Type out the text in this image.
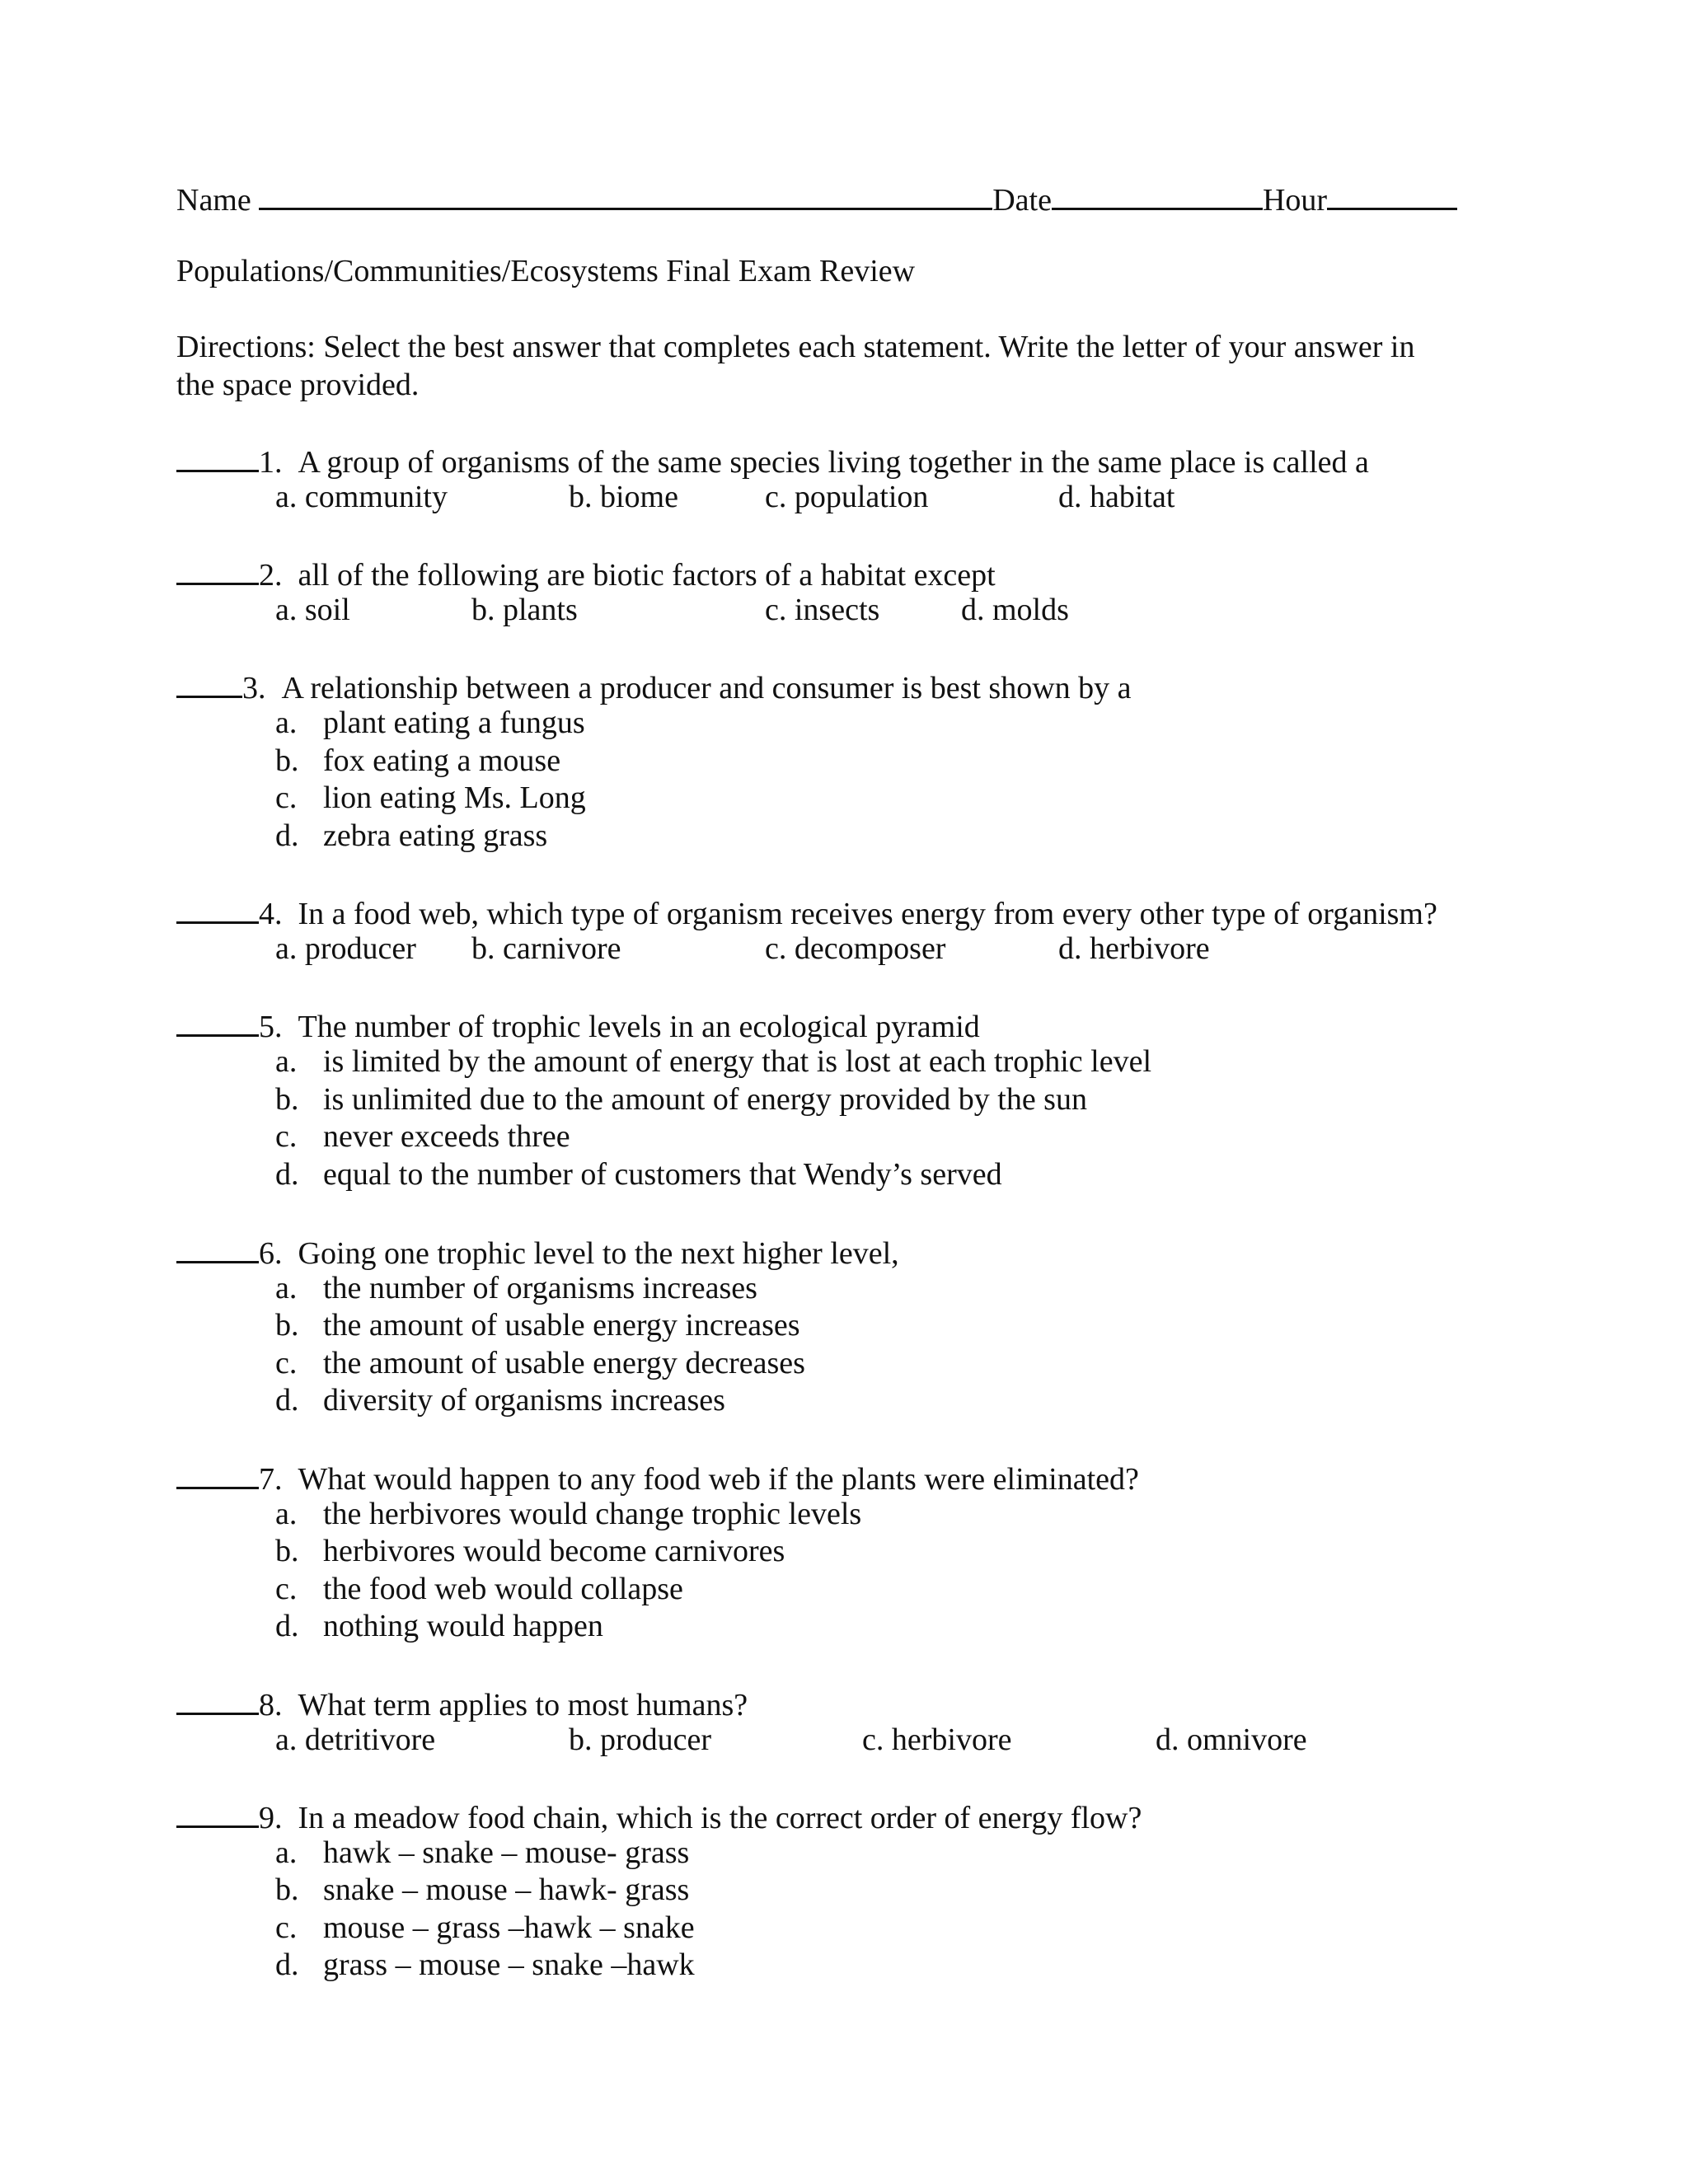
Name	Date	Hour
Populations/Communities/Ecosystems Final Exam Review
Directions: Select the best answer that completes each statement. Write the letter of your answer in
the space provided.
1. A group of organisms of the same species living together in the same place is called a
a. community	b. biome	c. population	d. habitat
2. all of the following are biotic factors of a habitat except
a. soil	b. plants	c. insects	d. molds
3. A relationship between a producer and consumer is best shown by a
a. plant eating a fungus
b. fox eating a mouse
c. lion eating Ms. Long
d. zebra eating grass
4. In a food web, which type of organism receives energy from every other type of organism?
a. producer b. carnivore	c. decomposer	d. herbivore
5. The number of trophic levels in an ecological pyramid
a. is limited by the amount of energy that is lost at each trophic level
b. is unlimited due to the amount of energy provided by the sun
c. never exceeds three
d. equal to the number of customers that Wendy’s served
6. Going one trophic level to the next higher level,
a. the number of organisms increases
b. the amount of usable energy increases
c. the amount of usable energy decreases
d. diversity of organisms increases
7. What would happen to any food web if the plants were eliminated?
a. the herbivores would change trophic levels
b. herbivores would become carnivores
c. the food web would collapse
d. nothing would happen
8. What term applies to most humans?
a. detritivore	b. producer	c. herbivore	d. omnivore
9. In a meadow food chain, which is the correct order of energy flow?
a. hawk – snake – mouse- grass
b. snake – mouse – hawk- grass
c. mouse – grass –hawk – snake
d. grass – mouse – snake –hawk
